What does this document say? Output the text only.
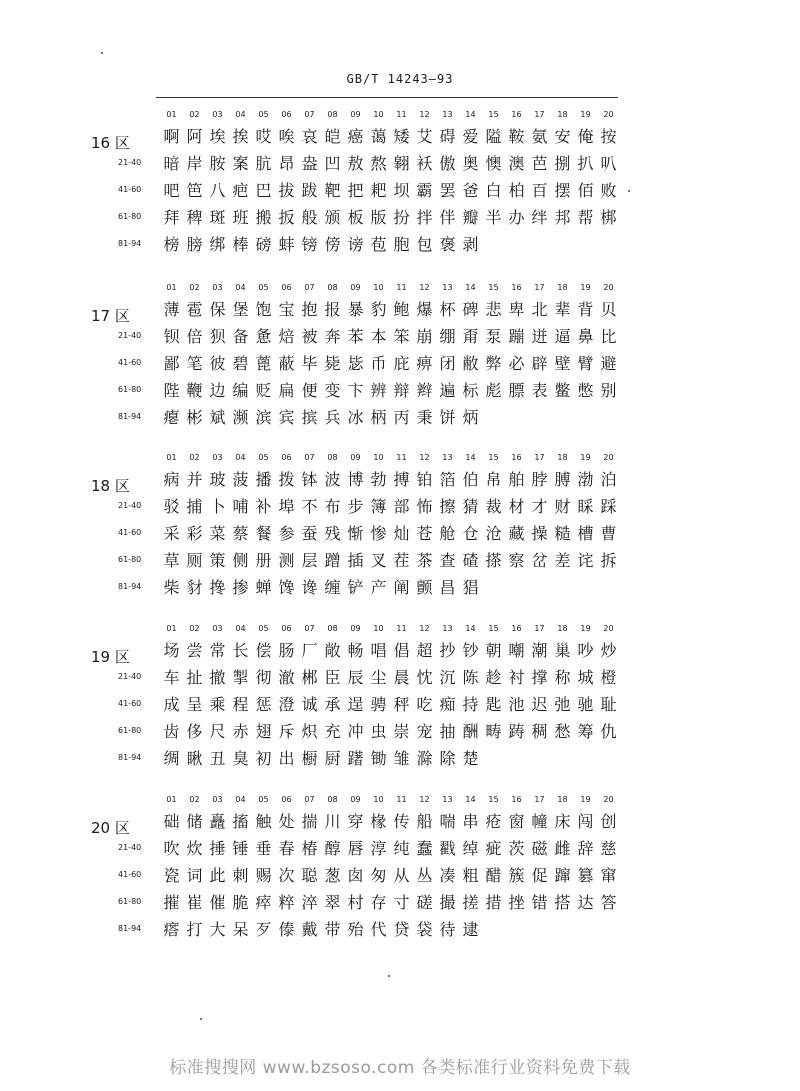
GB/T 14243—93
16 区
01	02	03	04	05	06	07	08	09	10	11	12	13	14	15	16	17	18	19	20
啊 阿 埃 挨 哎 唉 哀 皑 癌 蔼 矮 艾 碍 爱 隘 鞍 氨 安 俺 按
21-40	暗 岸 胺 案 肮 昂 盎 凹 敖 熬 翱 袄 傲 奥 懊 澳 芭 捌 扒 叭
41-60	吧 笆 八 疤 巴 拔 跋 靶 把 耙 坝 霸 罢 爸 白 柏 百 摆 佰 败
61-80	拜 稗 斑 班 搬 扳 般 颁 板 版 扮 拌 伴 瓣 半 办 绊 邦 帮 梆
81-94	榜 膀 绑 棒 磅 蚌 镑 傍 谤 苞 胞 包 褒 剥
17 区
01	02	03	04	05	06	07	08	09	10	11	12	13	14	15	16	17	18	19	20
薄 雹 保 堡 饱 宝 抱 报 暴 豹 鲍 爆 杯 碑 悲 卑 北 辈 背 贝
21-40	钡 倍 狈 备 惫 焙 被 奔 苯 本 笨 崩 绷 甭 泵 蹦 迸 逼 鼻 比
41-60	鄙 笔 彼 碧 蓖 蔽 毕 毙 毖 币 庇 痹 闭 敝 弊 必 辟 壁 臂 避
61-80	陛 鞭 边 编 贬 扁 便 变 卞 辨 辩 辫 遍 标 彪 膘 表 鳖 憋 别
81-94	瘪 彬 斌 濒 滨 宾 摈 兵 冰 柄 丙 秉 饼 炳
18 区
01	02	03	04	05	06	07	08	09	10	11	12	13	14	15	16	17	18	19	20
病 并 玻 菠 播 拨 钵 波 博 勃 搏 铂 箔 伯 帛 舶 脖 膊 渤 泊
21-40	驳 捕 卜 哺 补 埠 不 布 步 簿 部 怖 擦 猜 裁 材 才 财 睬 踩
41-60	采 彩 菜 蔡 餐 参 蚕 残 惭 惨 灿 苍 舱 仓 沧 藏 操 糙 槽 曹
61-80	草 厕 策 侧 册 测 层 蹭 插 叉 茬 茶 查 碴 搽 察 岔 差 诧 拆
81-94	柴 豺 搀 掺 蝉 馋 谗 缠 铲 产 阐 颤 昌 猖
19 区
01	02	03	04	05	06	07	08	09	10	11	12	13	14	15	16	17	18	19	20
场 尝 常 长 偿 肠 厂 敞 畅 唱 倡 超 抄 钞 朝 嘲 潮 巢 吵 炒
21-40	车 扯 撤 掣 彻 澈 郴 臣 辰 尘 晨 忱 沉 陈 趁 衬 撑 称 城 橙
41-60	成 呈 乘 程 惩 澄 诚 承 逞 骋 秤 吃 痴 持 匙 池 迟 弛 驰 耻
61-80	齿 侈 尺 赤 翅 斥 炽 充 冲 虫 崇 宠 抽 酬 畴 踌 稠 愁 筹 仇
81-94	绸 瞅 丑 臭 初 出 橱 厨 躇 锄 雏 滁 除 楚
20 区
01	02	03	04	05	06	07	08	09	10	11	12	13	14	15	16	17	18	19	20
础 储 矗 搐 触 处 揣 川 穿 椽 传 船 喘 串 疮 窗 幢 床 闯 创
21-40	吹 炊 捶 锤 垂 春 椿 醇 唇 淳 纯 蠢 戳 绰 疵 茨 磁 雌 辞 慈
41-60	瓷 词 此 刺 赐 次 聪 葱 囱 匆 从 丛 凑 粗 醋 簇 促 蹿 篡 窜
61-80	摧 崔 催 脆 瘁 粹 淬 翠 村 存 寸 磋 撮 搓 措 挫 错 搭 达 答
81-94	瘩 打 大 呆 歹 傣 戴 带 殆 代 贷 袋 待 逮
标准搜搜网 www.bzsoso.com 各类标准行业资料免费下载
